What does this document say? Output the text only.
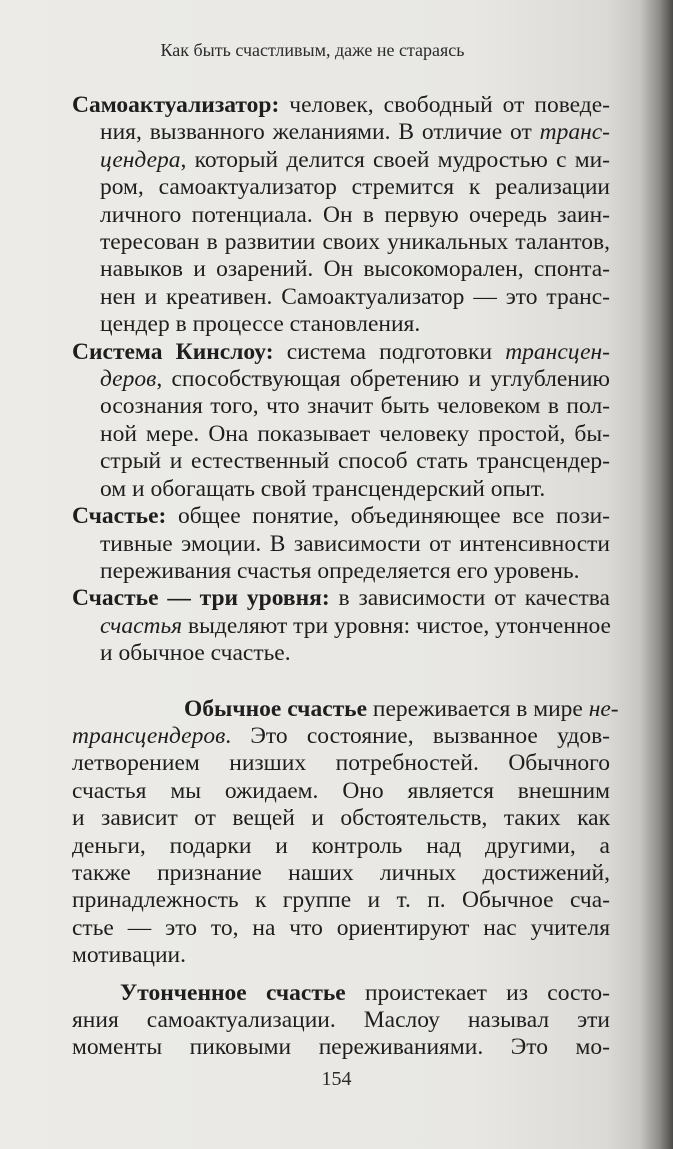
Как быть счастливым, даже не стараясь
Самоактуализатор: человек, свободный от поведе-
ния, вызванного желаниями. В отличие от транс-
цендера, который делится своей мудростью с ми-
ром, самоактуализатор стремится к реализации
личного потенциала. Он в первую очередь заин-
тересован в развитии своих уникальных талантов,
навыков и озарений. Он высокоморален, спонта-
нен и креативен. Самоактуализатор — это транс-
цендер в процессе становления.
Система Кинслоу: система подготовки трансцен-
деров, способствующая обретению и углублению
осознания того, что значит быть человеком в пол-
ной мере. Она показывает человеку простой, бы-
стрый и естественный способ стать трансцендер-
ом и обогащать свой трансцендерский опыт.
Счастье: общее понятие, объединяющее все пози-
тивные эмоции. В зависимости от интенсивности
переживания счастья определяется его уровень.
Счастье — три уровня: в зависимости от качества
счастья выделяют три уровня: чистое, утонченное
и обычное счастье.
Обычное счастье переживается в мире не-
трансцендеров. Это состояние, вызванное удов-
летворением низших потребностей. Обычного
счастья мы ожидаем. Оно является внешним
и зависит от вещей и обстоятельств, таких как
деньги, подарки и контроль над другими, а
также признание наших личных достижений,
принадлежность к группе и т. п. Обычное сча-
стье — это то, на что ориентируют нас учителя
мотивации.
Утонченное счастье проистекает из состо-
яния самоактуализации. Маслоу называл эти
моменты пиковыми переживаниями. Это мо-
154
